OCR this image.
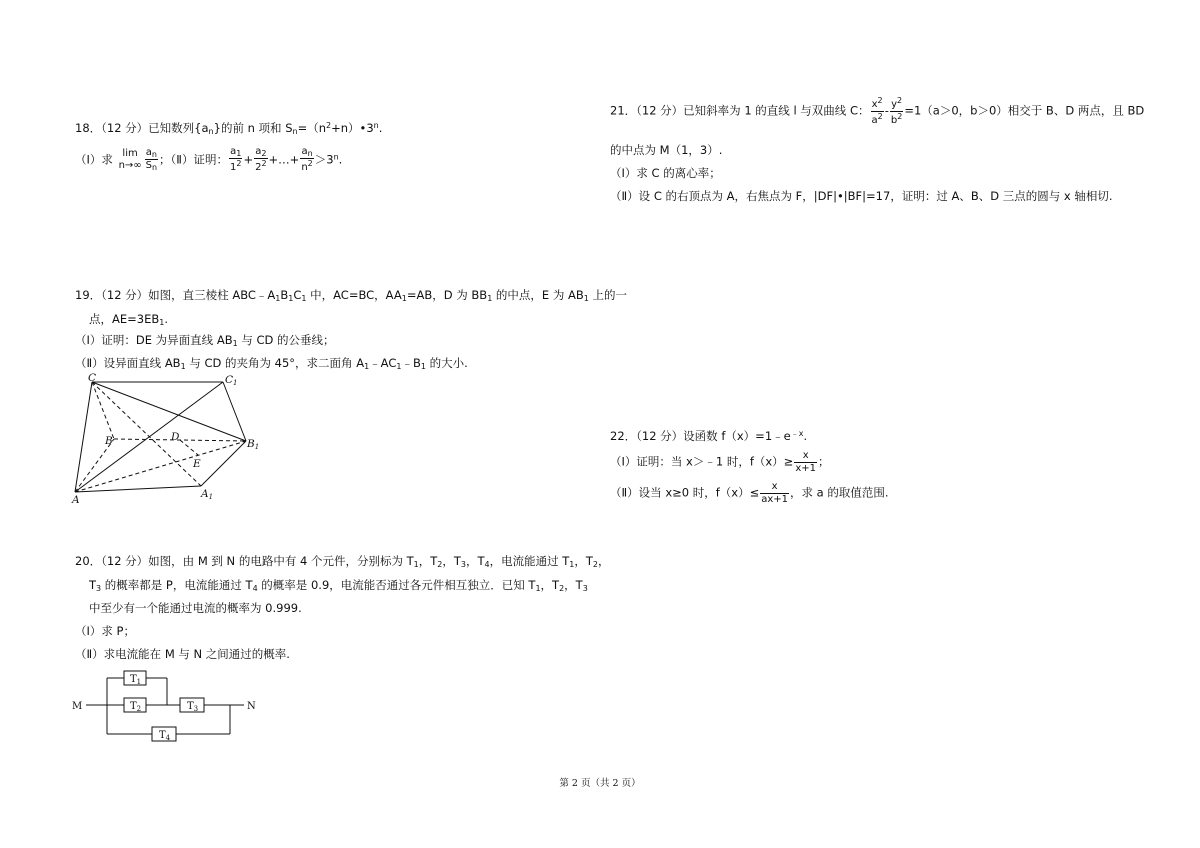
18．（12 分）已知数列$\{a_n\}$的前 n 项和 $S_n=(n^2+n)•3^n$.
（Ⅰ）求 lim
$n\to\infty \frac{a_n}{S_n}$ ；（Ⅱ）证明： $\frac{a_1}{1^2} + \frac{a_2}{2^2}$ +…+ $\frac{a_n}{n^2} >3^n$.
19．（12 分）如图，直三棱柱 $ABC﹣A_1B_1C_1$ 中，AC=BC，$AA_1=AB$，D 为 $BB_1$ 的中点，E 为 $AB_1$ 上的一
点，$AE=3EB_1$.
（Ⅰ）证明：DE 为异面直线 $AB_1$ 与 CD 的公垂线；
（Ⅱ）设异面直线 $AB_1$ 与 CD 的夹角为 45°，求二面角 $A_1﹣AC_1﹣B_1$ 的大小.
C	C1
B	D
E
B1
A	A1
20．（12 分）如图，由 M 到 N 的电路中有 4 个元件，分别标为 $T_1$，$T_2$，$T_3$，$T_4$，电流能通过 $T_1$，$T_2$，
$T_3$ 的概率都是 P，电流能通过 $T_4$ 的概率是 0.9，电流能否通过各元件相互独立．已知 $T_1$，$T_2$，$T_3$
中至少有一个能通过电流的概率为 0.999.
（Ⅰ）求 P；
（Ⅱ）求电流能在 M 与 N 之间通过的概率.
M	N
$T_1$
$T_2$	$T_3$
$T_4$
21．（12 分）已知斜率为 1 的直线 l 与双曲线 C： $\frac{x^2}{a^2} - \frac{y^2}{b^2} =1(a>0$，b＞0）相交于 B、D 两点，且 BD
的中点为 M（1，3）.
（Ⅰ）求 C 的离心率；
（Ⅱ）设 C 的右顶点为 A，右焦点为 F，|DF|•|BF|=17，证明：过 A、B、D 三点的圆与 x 轴相切.
22．（12 分）设函数 $f(x)=1﹣e^{﹣x}$.
（Ⅰ）证明：当 x＞﹣1 时，$f(x)\ge \frac{x}{x+1}$ ；
（Ⅱ）设当 x≥0 时，$f(x)\le \frac{x}{ax+1}$ ，求 a 的取值范围.
第 2 页（共 2 页）
